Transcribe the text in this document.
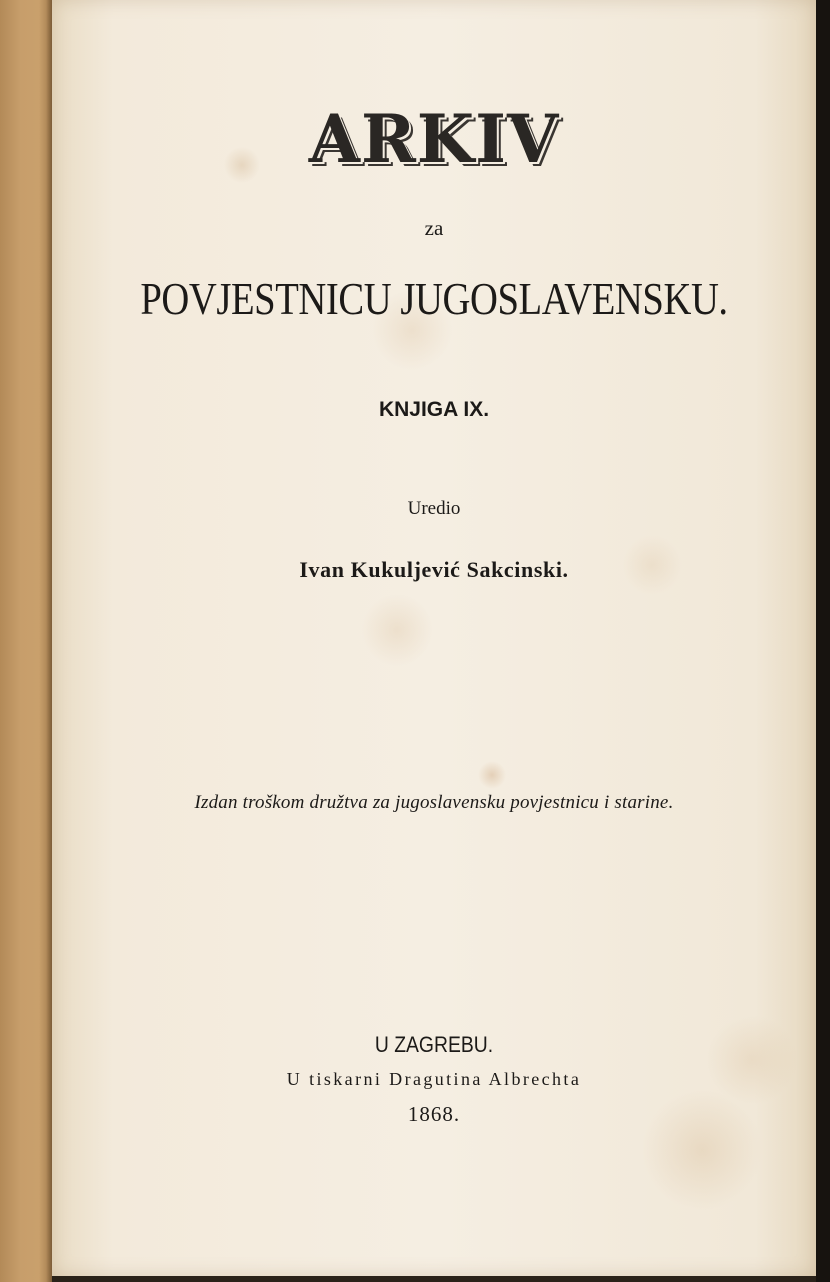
ARKIV
za
POVJESTNICU JUGOSLAVENSKU.
KNJIGA IX.
Uredio
Ivan Kukuljević Sakcinski.
Izdan troškom družtva za jugoslavensku povjestnicu i starine.
U ZAGREBU.
U tiskarni Dragutina Albrechta
1868.
